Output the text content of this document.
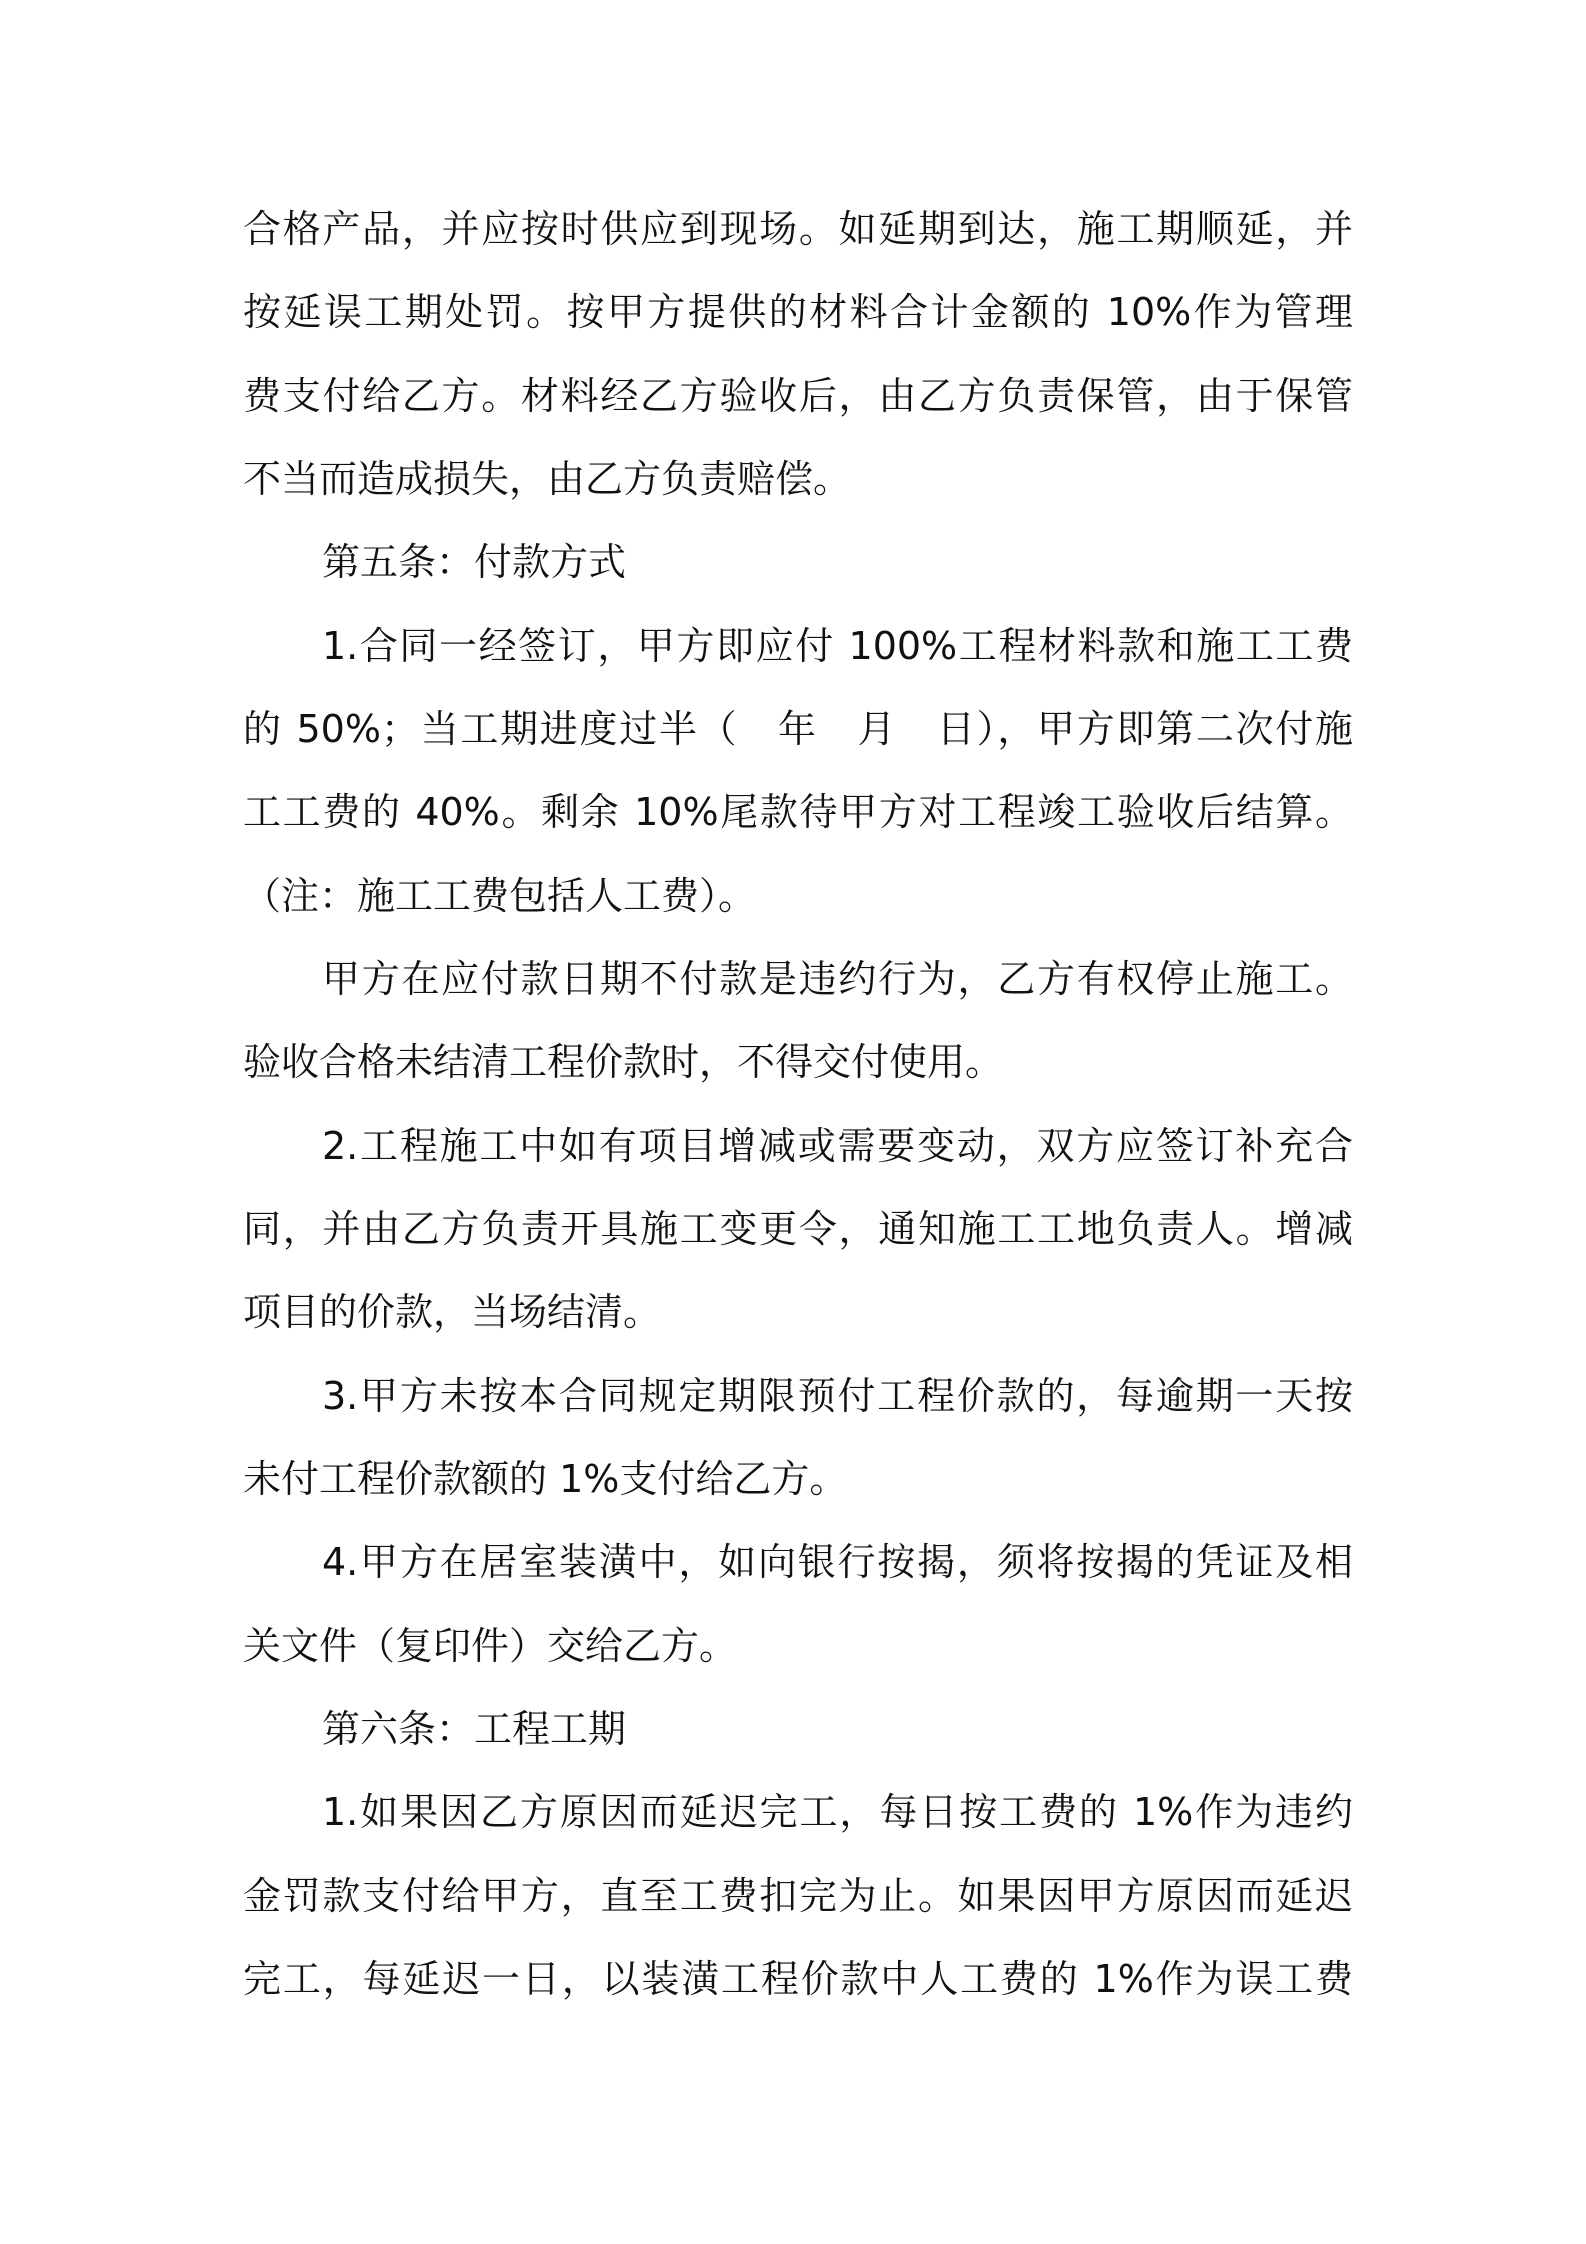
合格产品，并应按时供应到现场。如延期到达，施工期顺延，并
按延误工期处罚。按甲方提供的材料合计金额的 10%作为管理
费支付给乙方。材料经乙方验收后，由乙方负责保管，由于保管
不当而造成损失，由乙方负责赔偿。
第五条：付款方式
1.合同一经签订，甲方即应付 100%工程材料款和施工工费
的 50%；当工期进度过半（　年　月　日），甲方即第二次付施
工工费的 40%。剩余 10%尾款待甲方对工程竣工验收后结算。
（注：施工工费包括人工费）。
甲方在应付款日期不付款是违约行为，乙方有权停止施工。
验收合格未结清工程价款时，不得交付使用。
2.工程施工中如有项目增减或需要变动，双方应签订补充合
同，并由乙方负责开具施工变更令，通知施工工地负责人。增减
项目的价款，当场结清。
3.甲方未按本合同规定期限预付工程价款的，每逾期一天按
未付工程价款额的 1%支付给乙方。
4.甲方在居室装潢中，如向银行按揭，须将按揭的凭证及相
关文件（复印件）交给乙方。
第六条：工程工期
1.如果因乙方原因而延迟完工，每日按工费的 1%作为违约
金罚款支付给甲方，直至工费扣完为止。如果因甲方原因而延迟
完工，每延迟一日，以装潢工程价款中人工费的 1%作为误工费
